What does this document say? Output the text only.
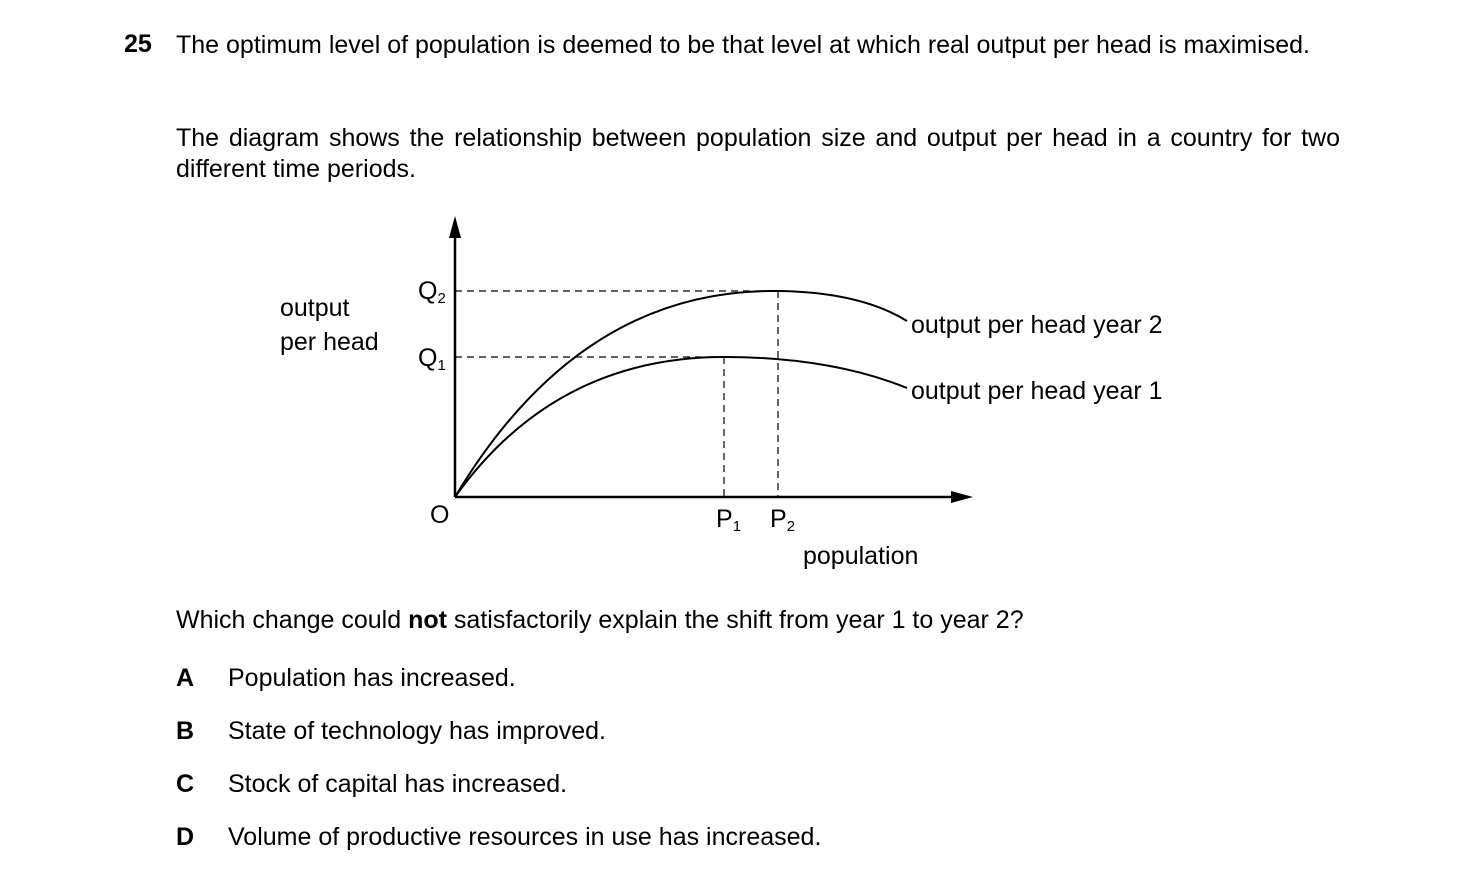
25 The optimum level of population is deemed to be that level at which real output per head is maximised.
The diagram shows the relationship between population size and output per head in a country for two different time periods.
output
per head
population
O
Q2
Q1
P1 P2
output per head year 2
output per head year 1
Which change could not satisfactorily explain the shift from year 1 to year 2?
A Population has increased.
B State of technology has improved.
C Stock of capital has increased.
D Volume of productive resources in use has increased.
